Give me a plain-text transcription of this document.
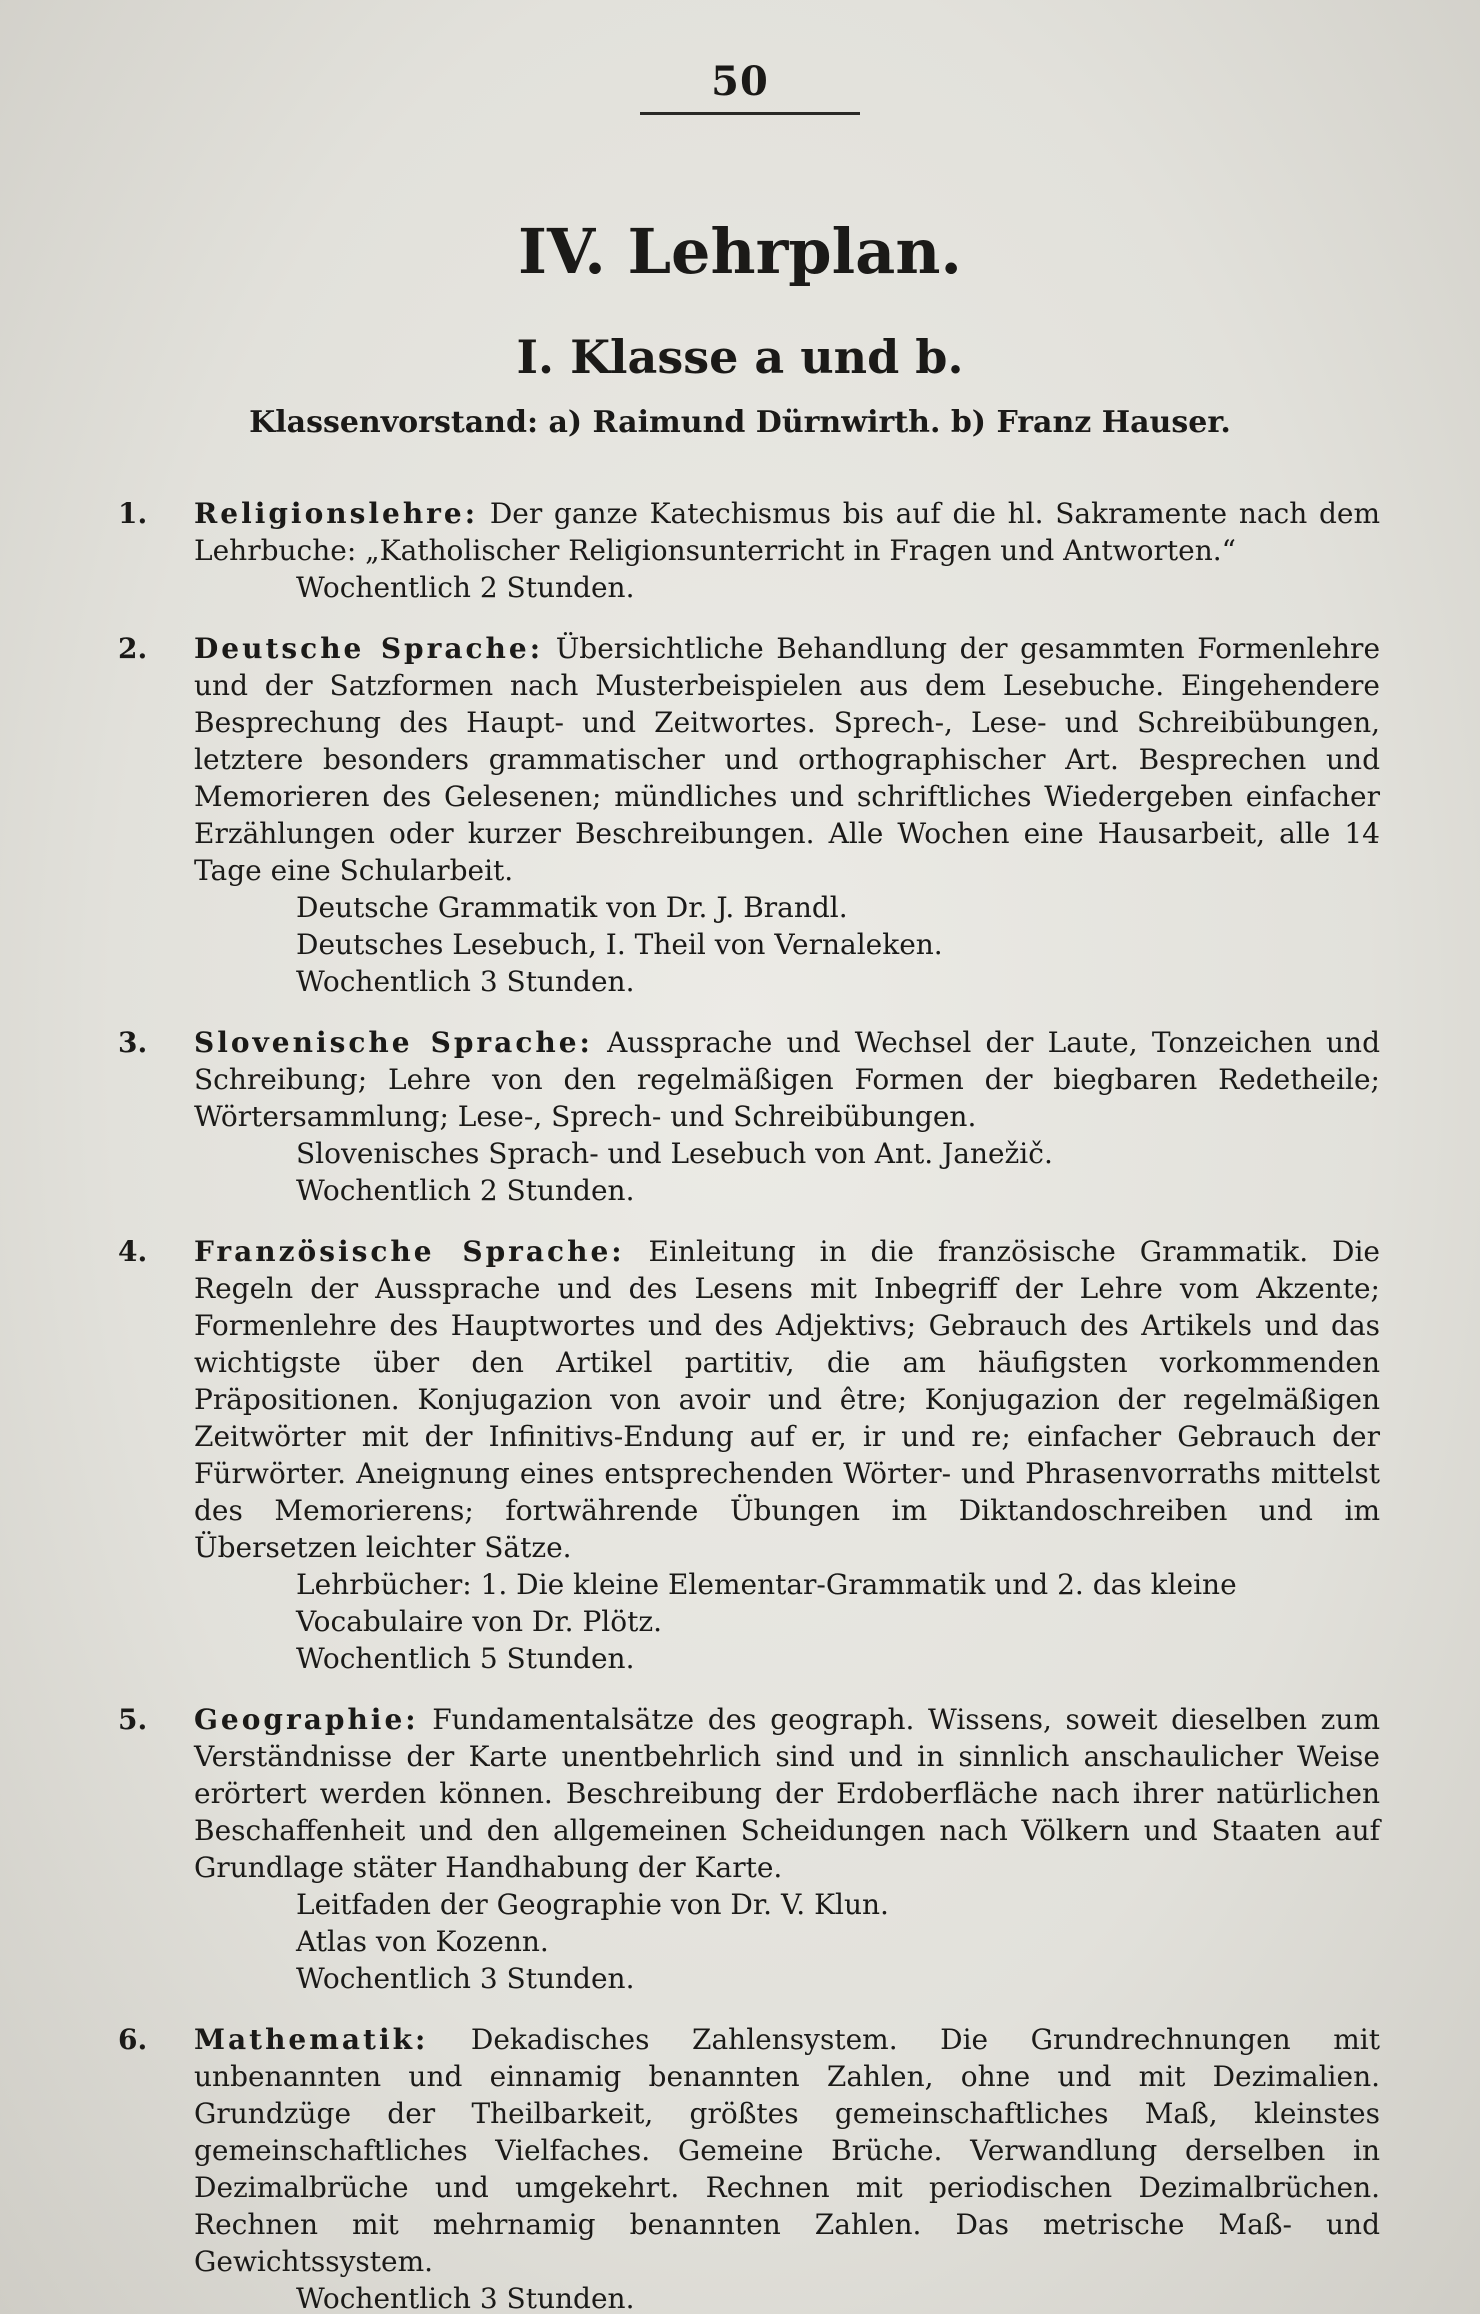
50
IV. Lehrplan.
I. Klasse a und b.
Klassenvorstand: a) Raimund Dürnwirth. b) Franz Hauser.
1.	Religionslehre: Der ganze Katechismus bis auf die hl. Sakramente nach dem Lehrbuche: „Katholischer Religionsunterricht in Fragen und Antworten.“
Wochentlich 2 Stunden.
2.	Deutsche Sprache: Übersichtliche Behandlung der gesammten Formenlehre und der Satzformen nach Musterbeispielen aus dem Lesebuche. Eingehendere Besprechung des Haupt- und Zeitwortes. Sprech-, Lese- und Schreibübungen, letztere besonders grammatischer und orthographischer Art. Besprechen und Memorieren des Gelesenen; mündliches und schriftliches Wiedergeben einfacher Erzählungen oder kurzer Beschreibungen. Alle Wochen eine Hausarbeit, alle 14 Tage eine Schularbeit.
Deutsche Grammatik von Dr. J. Brandl.
Deutsches Lesebuch, I. Theil von Vernaleken.
Wochentlich 3 Stunden.
3.	Slovenische Sprache: Aussprache und Wechsel der Laute, Tonzeichen und Schreibung; Lehre von den regelmäßigen Formen der biegbaren Redetheile; Wörtersammlung; Lese-, Sprech- und Schreibübungen.
Slovenisches Sprach- und Lesebuch von Ant. Janežič.
Wochentlich 2 Stunden.
4.	Französische Sprache: Einleitung in die französische Grammatik. Die Regeln der Aussprache und des Lesens mit Inbegriff der Lehre vom Akzente; Formenlehre des Hauptwortes und des Adjektivs; Gebrauch des Artikels und das wichtigste über den Artikel partitiv, die am häufigsten vorkommenden Präpositionen. Konjugazion von avoir und être; Konjugazion der regelmäßigen Zeitwörter mit der Infinitivs-Endung auf er, ir und re; einfacher Gebrauch der Fürwörter. Aneignung eines entsprechenden Wörter- und Phrasenvorraths mittelst des Memorierens; fortwährende Übungen im Diktandoschreiben und im Übersetzen leichter Sätze.
Lehrbücher: 1. Die kleine Elementar-Grammatik und 2. das kleine Vocabulaire von Dr. Plötz.
Wochentlich 5 Stunden.
5.	Geographie: Fundamentalsätze des geograph. Wissens, soweit dieselben zum Verständnisse der Karte unentbehrlich sind und in sinnlich anschaulicher Weise erörtert werden können. Beschreibung der Erdoberfläche nach ihrer natürlichen Beschaffenheit und den allgemeinen Scheidungen nach Völkern und Staaten auf Grundlage stäter Handhabung der Karte.
Leitfaden der Geographie von Dr. V. Klun.
Atlas von Kozenn.
Wochentlich 3 Stunden.
6.	Mathematik: Dekadisches Zahlensystem. Die Grundrechnungen mit unbenannten und einnamig benannten Zahlen, ohne und mit Dezimalien. Grundzüge der Theilbarkeit, größtes gemeinschaftliches Maß, kleinstes gemeinschaftliches Vielfaches. Gemeine Brüche. Verwandlung derselben in Dezimalbrüche und umgekehrt. Rechnen mit periodischen Dezimalbrüchen. Rechnen mit mehrnamig benannten Zahlen. Das metrische Maß- und Gewichtssystem.
Wochentlich 3 Stunden.
